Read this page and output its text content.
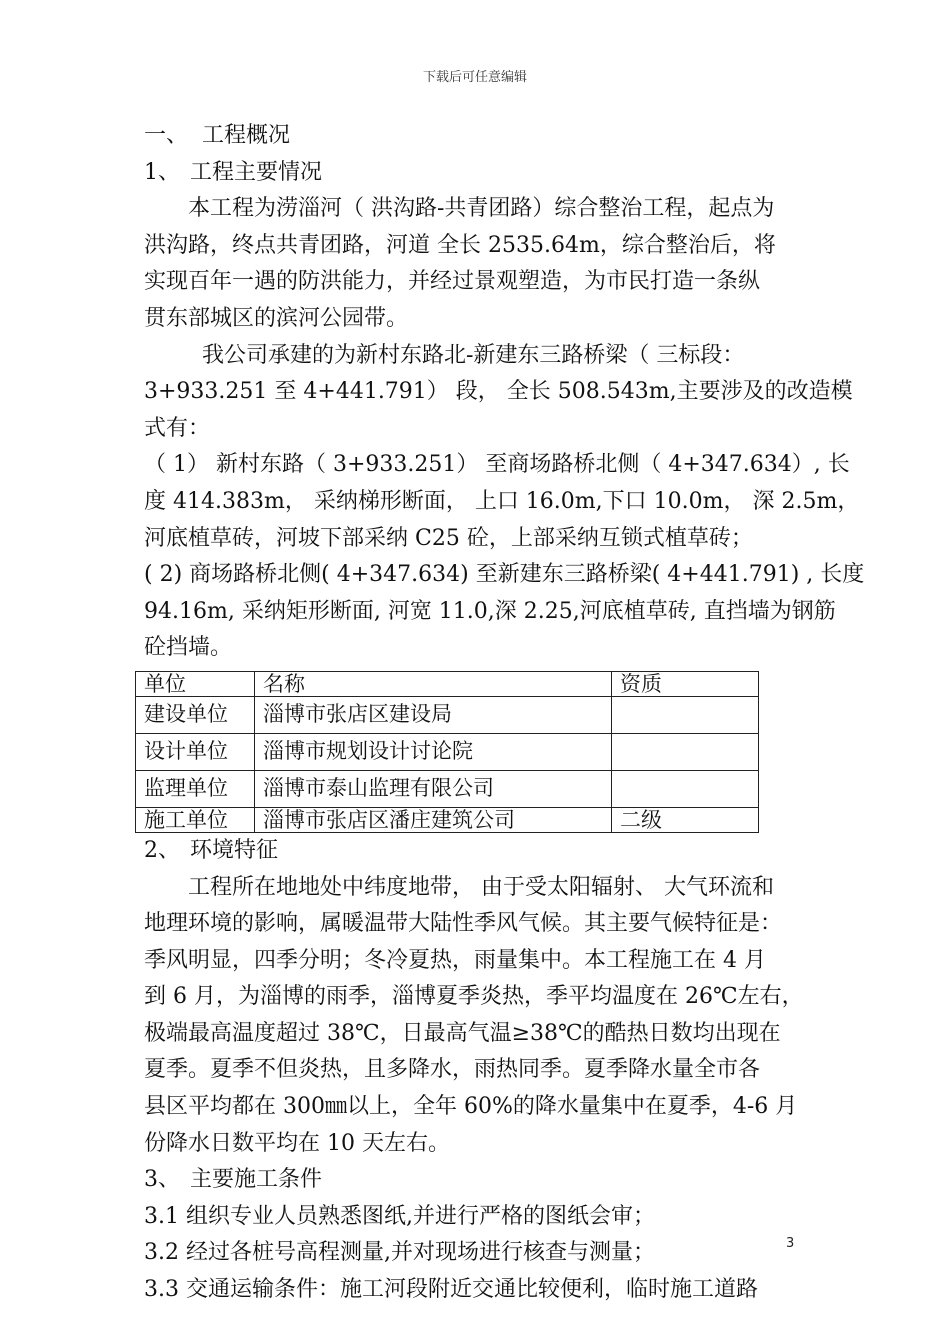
下载后可任意编辑
一、 工程概况
1、 工程主要情况
本工程为涝淄河（ 洪沟路-共青团路）综合整治工程，起点为
洪沟路，终点共青团路，河道 全长 2535.64m，综合整治后，将
实现百年一遇的防洪能力，并经过景观塑造，为市民打造一条纵
贯东部城区的滨河公园带。
我公司承建的为新村东路北-新建东三路桥梁（ 三标段：
3+933.251 至 4+441.791） 段， 全长 508.543m,主要涉及的改造模
式有：
（ 1） 新村东路（ 3+933.251） 至商场路桥北侧（ 4+347.634）, 长
度 414.383m， 采纳梯形断面， 上口 16.0m,下口 10.0m， 深 2.5m，
河底植草砖，河坡下部采纳 C25 砼，上部采纳互锁式植草砖；
( 2) 商场路桥北侧( 4+347.634) 至新建东三路桥梁( 4+441.791) , 长度
94.16m, 采纳矩形断面, 河宽 11.0,深 2.25,河底植草砖, 直挡墙为钢筋
砼挡墙。
单位	名称	资质
建设单位	淄博市张店区建设局	
设计单位	淄博市规划设计讨论院	
监理单位	淄博市泰山监理有限公司	
施工单位	淄博市张店区潘庄建筑公司	二级
2、 环境特征
工程所在地地处中纬度地带， 由于受太阳辐射、 大气环流和
地理环境的影响，属暖温带大陆性季风气候。其主要气候特征是：
季风明显，四季分明；冬冷夏热，雨量集中。本工程施工在 4 月
到 6 月，为淄博的雨季，淄博夏季炎热，季平均温度在 26℃左右，
极端最高温度超过 38℃，日最高气温≥38℃的酷热日数均出现在
夏季。夏季不但炎热，且多降水，雨热同季。夏季降水量全市各
县区平均都在 300㎜以上，全年 60%的降水量集中在夏季，4-6 月
份降水日数平均在 10 天左右。
3、 主要施工条件
3.1 组织专业人员熟悉图纸,并进行严格的图纸会审；
3.2 经过各桩号高程测量,并对现场进行核查与测量；
3.3 交通运输条件：施工河段附近交通比较便利，临时施工道路
3
